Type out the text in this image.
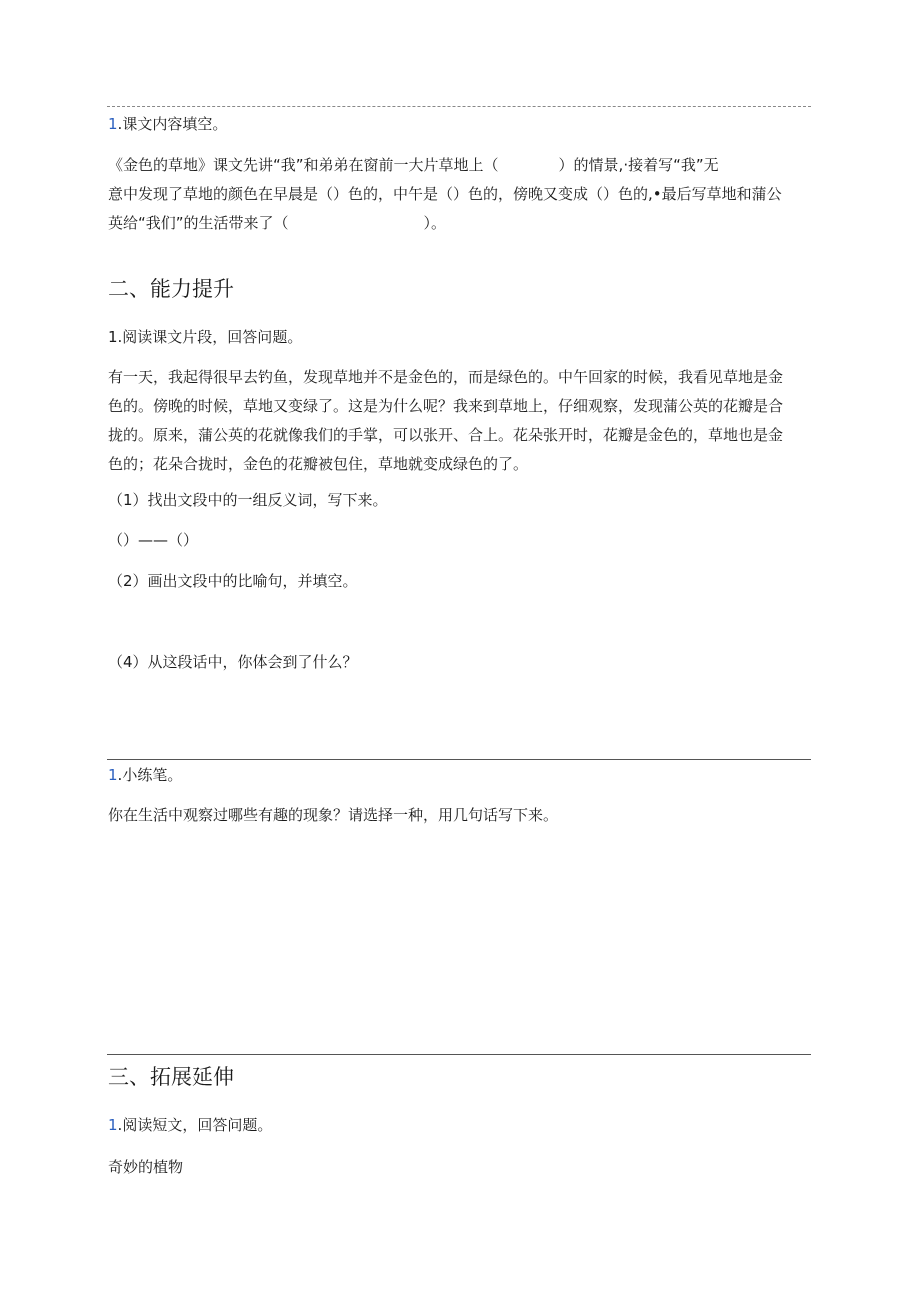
1.课文内容填空。
《金色的草地》课文先讲“我”和弟弟在窗前一大片草地上（　　　　）的情景,·接着写“我”无
意中发现了草地的颜色在早晨是（）色的，中午是（）色的，傍晚又变成（）色的,•最后写草地和蒲公
英给“我们”的生活带来了（　　　　　　　　　）。
二、能力提升
1.阅读课文片段，回答问题。
有一天，我起得很早去钓鱼，发现草地并不是金色的，而是绿色的。中午回家的时候，我看见草地是金
色的。傍晚的时候，草地又变绿了。这是为什么呢？我来到草地上，仔细观察，发现蒲公英的花瓣是合
拢的。原来，蒲公英的花就像我们的手掌，可以张开、合上。花朵张开时，花瓣是金色的，草地也是金
色的；花朵合拢时，金色的花瓣被包住，草地就变成绿色的了。
（1）找出文段中的一组反义词，写下来。
（）——（）
（2）画出文段中的比喻句，并填空。
（4）从这段话中，你体会到了什么？
1.小练笔。
你在生活中观察过哪些有趣的现象？请选择一种，用几句话写下来。
三、拓展延伸
1.阅读短文，回答问题。
奇妙的植物
